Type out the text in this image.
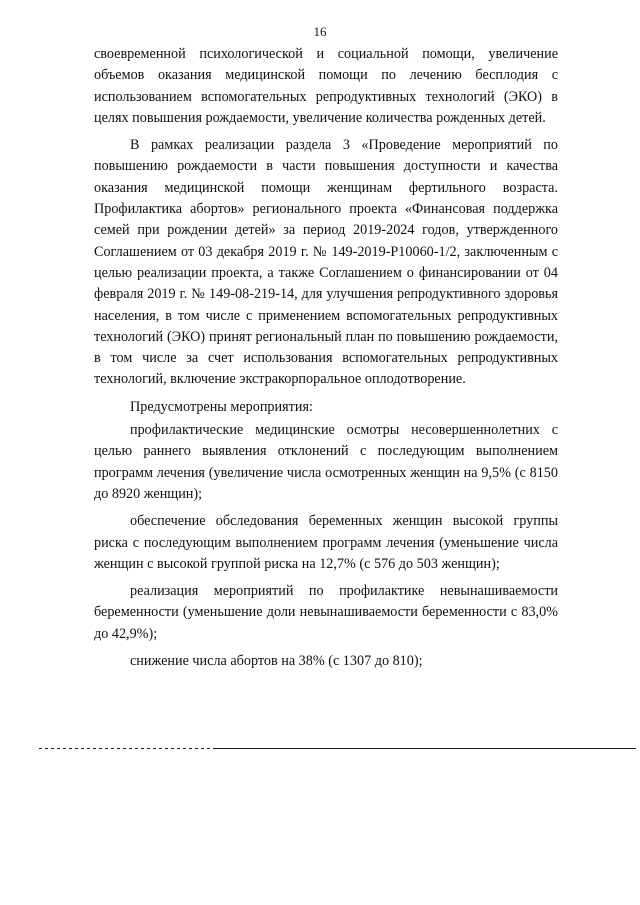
16

своевременной психологической и социальной помощи, увеличение объемов оказания медицинской помощи по лечению бесплодия с использованием вспомогательных репродуктивных технологий (ЭКО) в целях повышения рождаемости, увеличение количества рожденных детей.

В рамках реализации раздела 3 «Проведение мероприятий по повышению рождаемости в части повышения доступности и качества оказания медицинской помощи женщинам фертильного возраста. Профилактика абортов» регионального проекта «Финансовая поддержка семей при рождении детей» за период 2019-2024 годов, утвержденного Соглашением от 03 декабря 2019 г. № 149-2019-Р10060-1/2, заключенным с целью реализации проекта, а также Соглашением о финансировании от 04 февраля 2019 г. № 149-08-219-14, для улучшения репродуктивного здоровья населения, в том числе с применением вспомогательных репродуктивных технологий (ЭКО) принят региональный план по повышению рождаемости, в том числе за счет использования вспомогательных репродуктивных технологий, включение экстракорпоральное оплодотворение.

Предусмотрены мероприятия:

профилактические медицинские осмотры несовершеннолетних с целью раннего выявления отклонений с последующим выполнением программ лечения (увеличение числа осмотренных женщин на 9,5% (с 8150 до 8920 женщин);

обеспечение обследования беременных женщин высокой группы риска с последующим выполнением программ лечения (уменьшение числа женщин с высокой группой риска на 12,7% (с 576 до 503 женщин);

реализация мероприятий по профилактике невынашиваемости беременности (уменьшение доли невынашиваемости беременности с 83,0% до 42,9%);

снижение числа абортов на 38% (с 1307 до 810);
